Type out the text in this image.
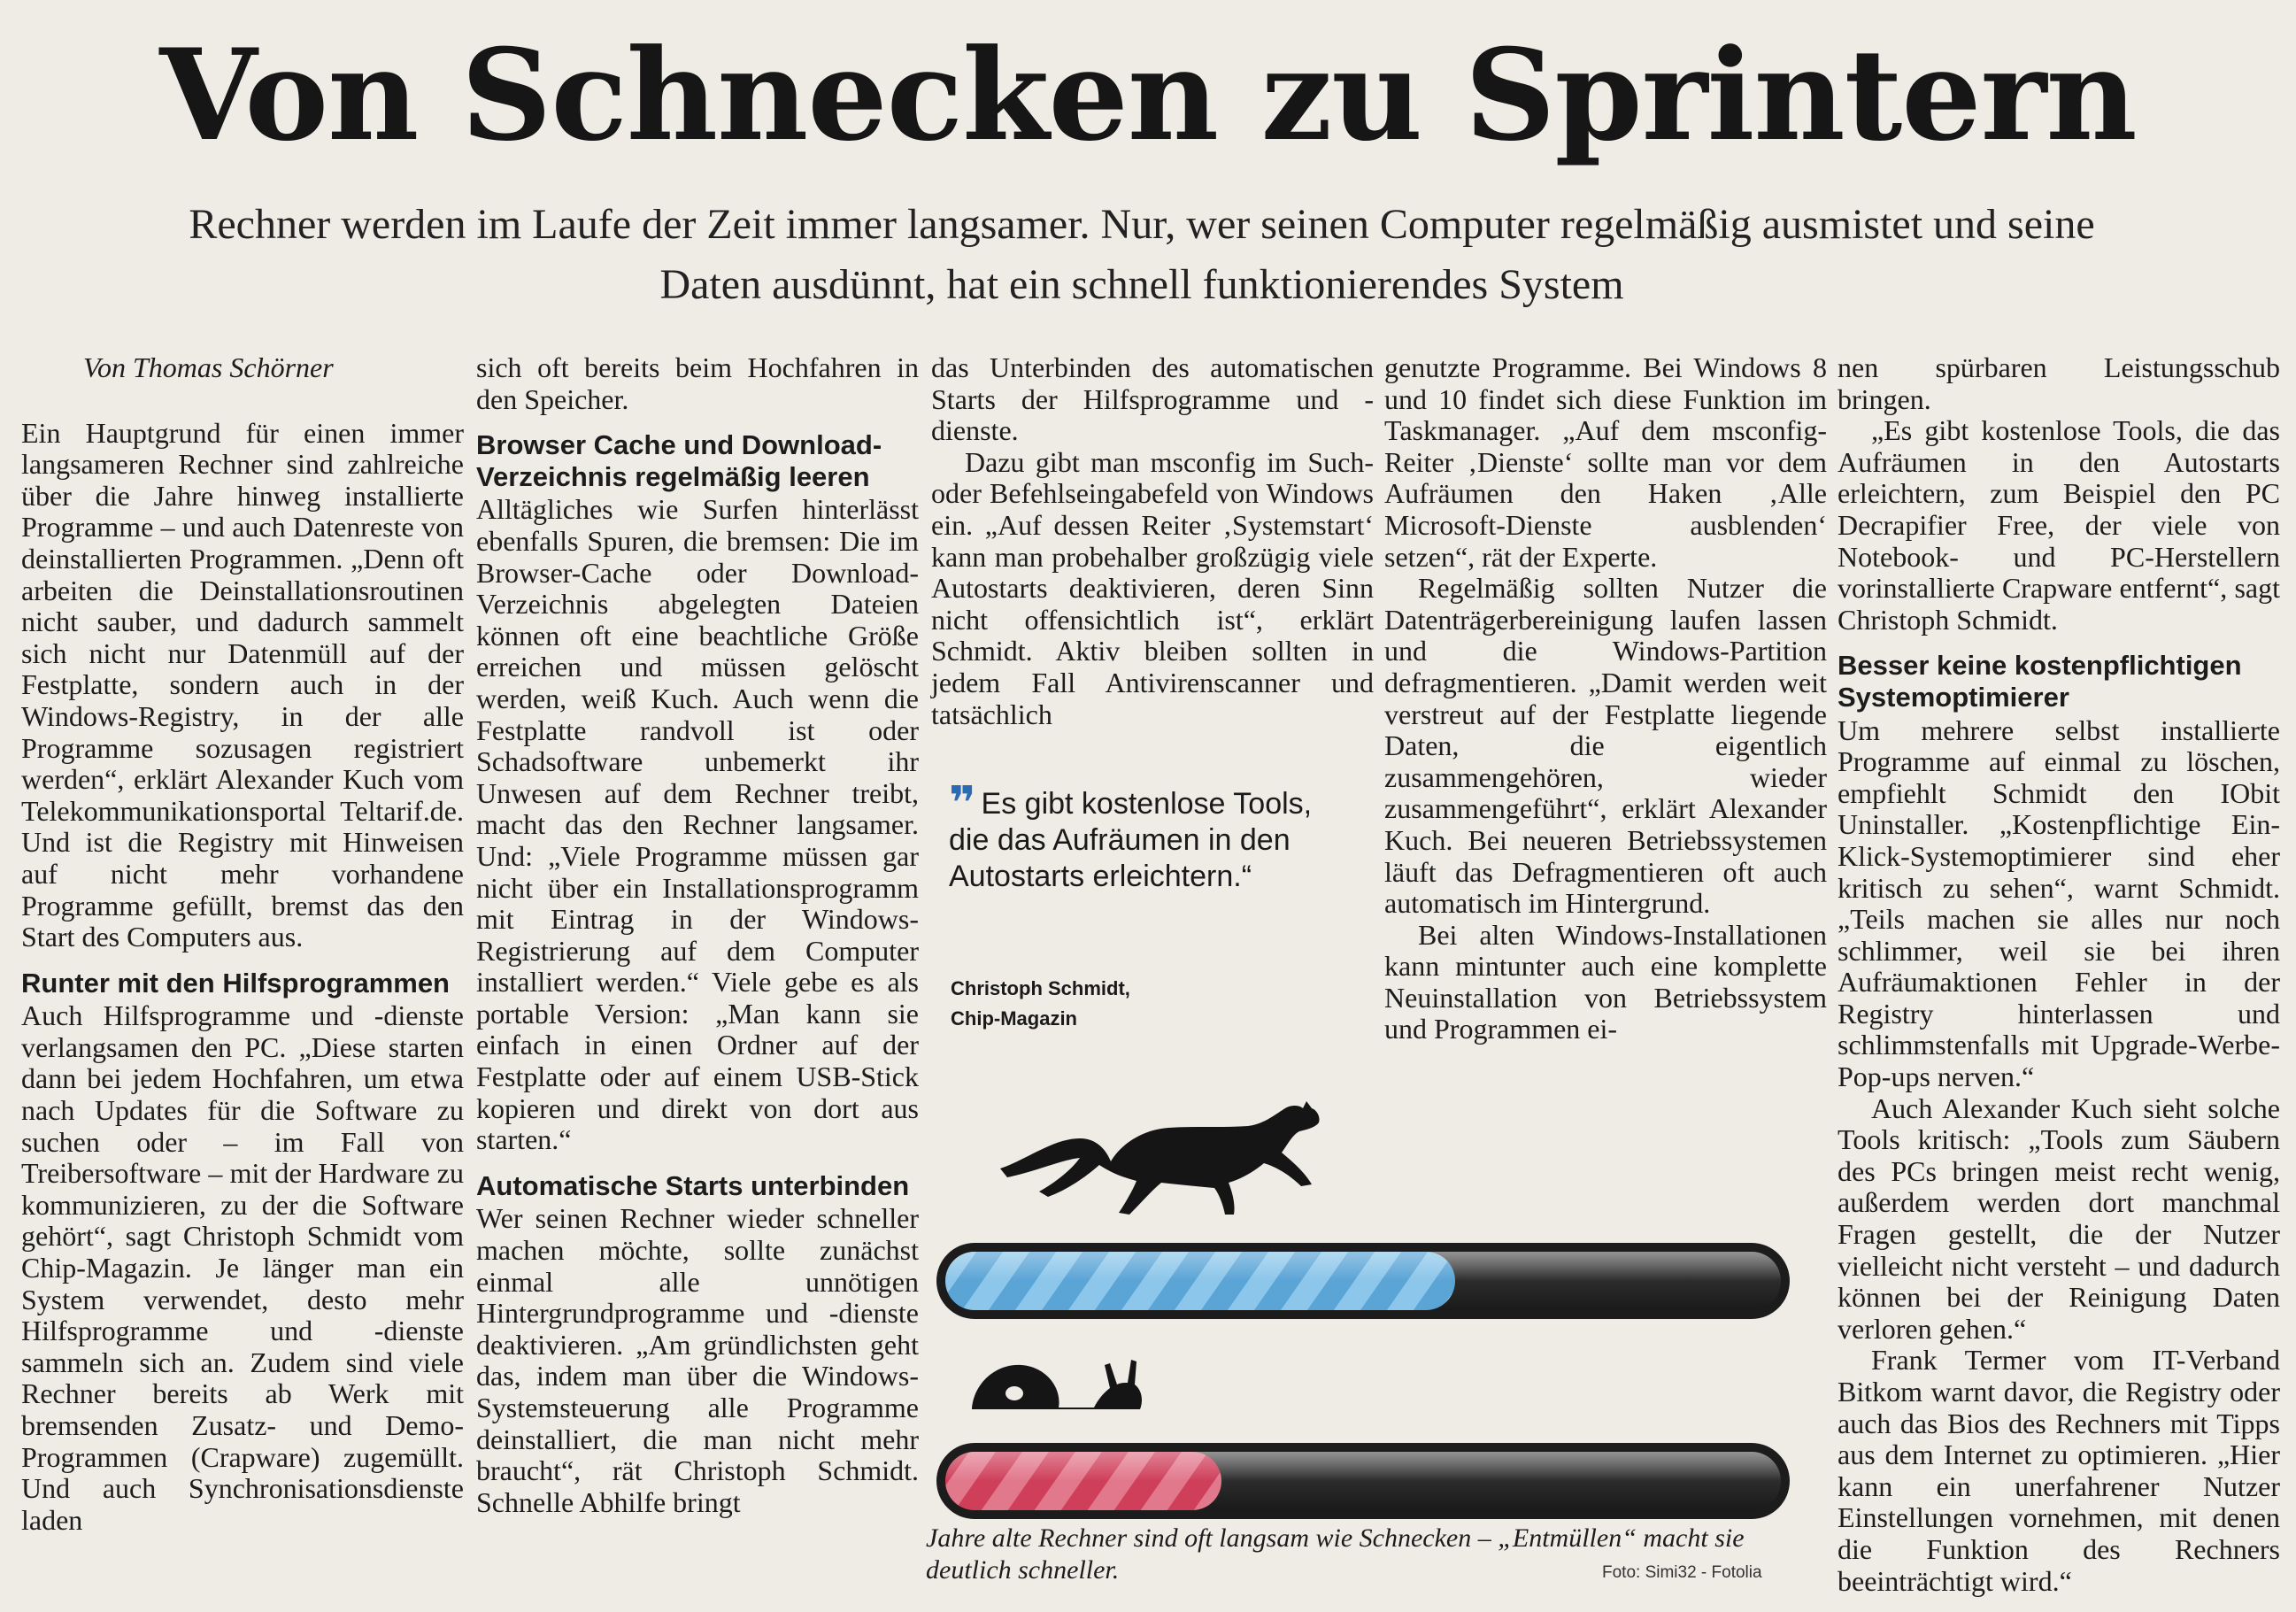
Von Schnecken zu Sprintern

Rechner werden im Laufe der Zeit immer langsamer. Nur, wer seinen Computer regelmäßig ausmistet und seine Daten ausdünnt, hat ein schnell funktionierendes System

Von Thomas Schörner

Ein Hauptgrund für einen immer langsameren Rechner sind zahlreiche über die Jahre hinweg installierte Programme – und auch Datenreste von deinstallierten Programmen. „Denn oft arbeiten die Deinstallationsroutinen nicht sauber, und dadurch sammelt sich nicht nur Datenmüll auf der Festplatte, sondern auch in der Windows-Registry, in der alle Programme sozusagen registriert werden“, erklärt Alexander Kuch vom Telekommunikationsportal Teltarif.de. Und ist die Registry mit Hinweisen auf nicht mehr vorhandene Programme gefüllt, bremst das den Start des Computers aus.

Runter mit den Hilfsprogrammen

Auch Hilfsprogramme und -dienste verlangsamen den PC. „Diese starten dann bei jedem Hochfahren, um etwa nach Updates für die Software zu suchen oder – im Fall von Treibersoftware – mit der Hardware zu kommunizieren, zu der die Software gehört“, sagt Christoph Schmidt vom Chip-Magazin. Je länger man ein System verwendet, desto mehr Hilfsprogramme und -dienste sammeln sich an. Zudem sind viele Rechner bereits ab Werk mit bremsenden Zusatz- und Demo-Programmen (Crapware) zugemüllt. Und auch Synchronisationsdienste laden

sich oft bereits beim Hochfahren in den Speicher.

Browser Cache und Download-Verzeichnis regelmäßig leeren

Alltägliches wie Surfen hinterlässt ebenfalls Spuren, die bremsen: Die im Browser-Cache oder Download-Verzeichnis abgelegten Dateien können oft eine beachtliche Größe erreichen und müssen gelöscht werden, weiß Kuch. Auch wenn die Festplatte randvoll ist oder Schadsoftware unbemerkt ihr Unwesen auf dem Rechner treibt, macht das den Rechner langsamer. Und: „Viele Programme müssen gar nicht über ein Installationsprogramm mit Eintrag in der Windows-Registrierung auf dem Computer installiert werden.“ Viele gebe es als portable Version: „Man kann sie einfach in einen Ordner auf der Festplatte oder auf einem USB-Stick kopieren und direkt von dort aus starten.“

Automatische Starts unterbinden

Wer seinen Rechner wieder schneller machen möchte, sollte zunächst einmal alle unnötigen Hintergrundprogramme und -dienste deaktivieren. „Am gründlichsten geht das, indem man über die Windows-Systemsteuerung alle Programme deinstalliert, die man nicht mehr braucht“, rät Christoph Schmidt. Schnelle Abhilfe bringt

das Unterbinden des automatischen Starts der Hilfsprogramme und -dienste.

Dazu gibt man msconfig im Such- oder Befehlseingabefeld von Windows ein. „Auf dessen Reiter ‚Systemstart‘ kann man probehalber großzügig viele Autostarts deaktivieren, deren Sinn nicht offensichtlich ist“, erklärt Schmidt. Aktiv bleiben sollten in jedem Fall Antivirenscanner und tatsächlich

❞ Es gibt kostenlose Tools, die das Aufräumen in den Autostarts erleichtern.“
Christoph Schmidt,
Chip-Magazin
Jahre alte Rechner sind oft langsam wie Schnecken – „Entmüllen“ macht sie deutlich schneller.	Foto: Simi32 - Fotolia

genutzte Programme. Bei Windows 8 und 10 findet sich diese Funktion im Taskmanager. „Auf dem msconfig-Reiter ‚Dienste‘ sollte man vor dem Aufräumen den Haken ‚Alle Microsoft-Dienste ausblenden‘ setzen“, rät der Experte.

Regelmäßig sollten Nutzer die Datenträgerbereinigung laufen lassen und die Windows-Partition defragmentieren. „Damit werden weit verstreut auf der Festplatte liegende Daten, die eigentlich zusammengehören, wieder zusammengeführt“, erklärt Alexander Kuch. Bei neueren Betriebssystemen läuft das Defragmentieren oft auch automatisch im Hintergrund.

Bei alten Windows-Installationen kann mintunter auch eine komplette Neuinstallation von Betriebssystem und Programmen ei-

nen spürbaren Leistungsschub bringen.

„Es gibt kostenlose Tools, die das Aufräumen in den Autostarts erleichtern, zum Beispiel den PC Decrapifier Free, der viele von Notebook- und PC-Herstellern vorinstallierte Crapware entfernt“, sagt Christoph Schmidt.

Besser keine kostenpflichtigen Systemoptimierer

Um mehrere selbst installierte Programme auf einmal zu löschen, empfiehlt Schmidt den IObit Uninstaller. „Kostenpflichtige Ein-Klick-Systemoptimierer sind eher kritisch zu sehen“, warnt Schmidt. „Teils machen sie alles nur noch schlimmer, weil sie bei ihren Aufräumaktionen Fehler in der Registry hinterlassen und schlimmstenfalls mit Upgrade-Werbe-Pop-ups nerven.“

Auch Alexander Kuch sieht solche Tools kritisch: „Tools zum Säubern des PCs bringen meist recht wenig, außerdem werden dort manchmal Fragen gestellt, die der Nutzer vielleicht nicht versteht – und dadurch können bei der Reinigung Daten verloren gehen.“

Frank Termer vom IT-Verband Bitkom warnt davor, die Registry oder auch das Bios des Rechners mit Tipps aus dem Internet zu optimieren. „Hier kann ein unerfahrener Nutzer Einstellungen vornehmen, mit denen die Funktion des Rechners beeinträchtigt wird.“
